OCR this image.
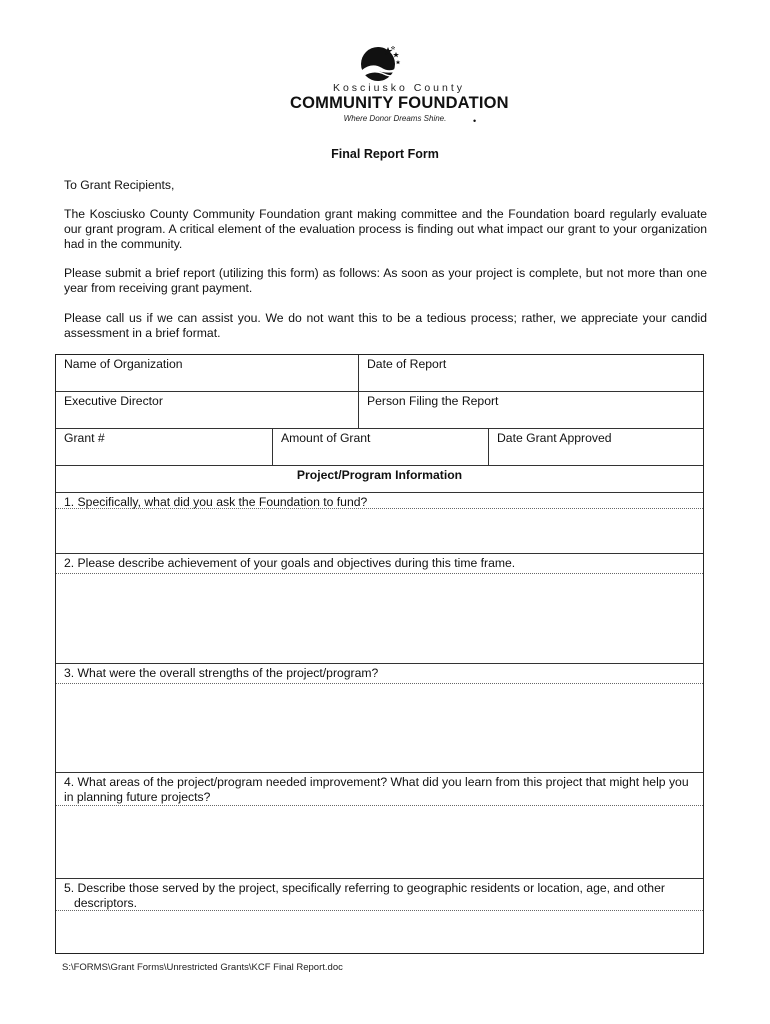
Kosciusko County
COMMUNITY FOUNDATION
Where Donor Dreams Shine.	•
Final Report Form

To Grant Recipients,

The Kosciusko County Community Foundation grant making committee and the Foundation board regularly evaluate our grant program. A critical element of the evaluation process is finding out what impact our grant to your organization had in the community.

Please submit a brief report (utilizing this form) as follows: As soon as your project is complete, but not more than one year from receiving grant payment.

Please call us if we can assist you. We do not want this to be a tedious process; rather, we appreciate your candid assessment in a brief format.

Name of Organization	Date of Report
Executive Director	Person Filing the Report
Grant #	Amount of Grant	Date Grant Approved
Project/Program Information
1. Specifically, what did you ask the Foundation to fund?
2. Please describe achievement of your goals and objectives during this time frame.
3. What were the overall strengths of the project/program?
4. What areas of the project/program needed improvement? What did you learn from this project that might help you in planning future projects?
5. Describe those served by the project, specifically referring to geographic residents or location, age, and other
descriptors.
S:\FORMS\Grant Forms\Unrestricted Grants\KCF Final Report.doc
